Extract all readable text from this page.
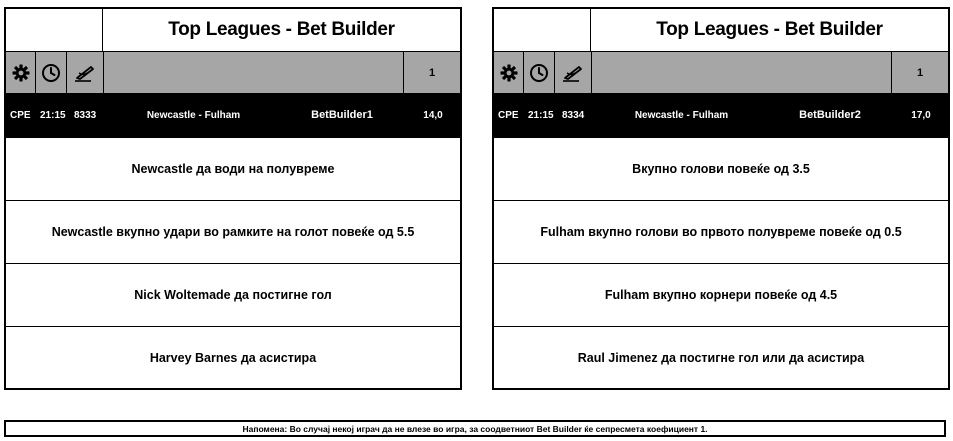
Top Leagues - Bet Builder
1
СРЕ 21:15 8333	Newcastle - Fulham	BetBuilder1	14,0
Newcastle да води на полувреме
Newcastle вкупно удари во рамките на голот повеќе од 5.5
Nick Woltemade да постигне гол
Harvey Barnes да асистира
Top Leagues - Bet Builder
1
СРЕ 21:15 8334	Newcastle - Fulham	BetBuilder2	17,0
Вкупно голови повеќе од 3.5
Fulham вкупно голови во првото полувреме повеќе од 0.5
Fulham вкупно корнери повеќе од 4.5
Raul Jimenez да постигне гол или да асистира
Напомена: Во случај некој играч да не влезе во игра, за соодветниот Bet Builder ќе сепресмета коефициент 1.
